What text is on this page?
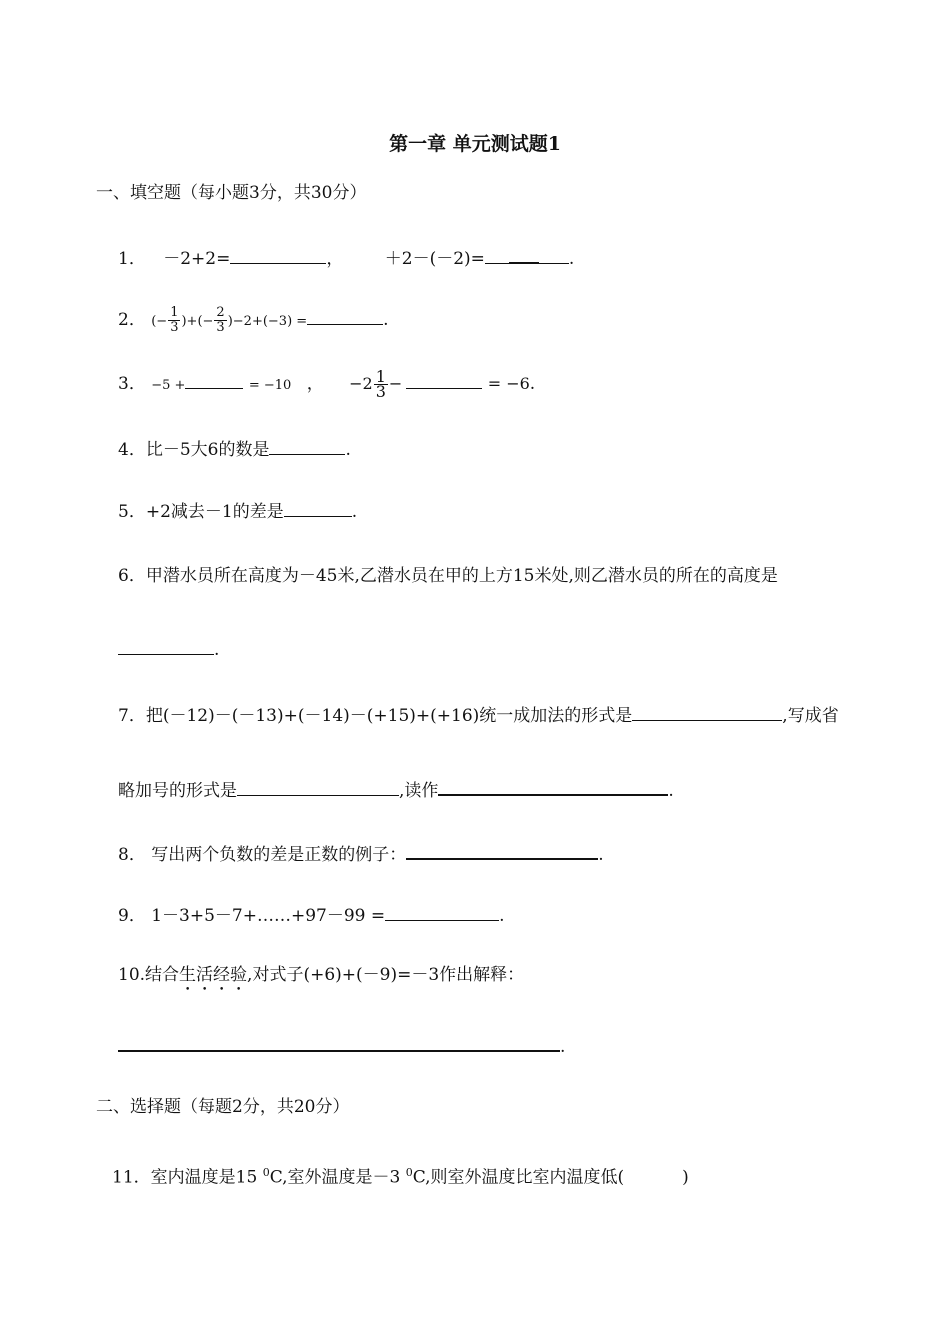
第一章 单元测试题1
一、填空题（每小题3分，共30分）
1． －2+2=	， ＋2－(－2)=	.
2． (− $\frac{1}{3}$ )+(− $\frac{2}{3} )-2+(-3)$ =	.
3． −5 +	= −10 ， $-2 \frac{1}{3}$ −	= −6.
4．比－5大6的数是	.
5．+2减去－1的差是	.
6．甲潜水员所在高度为－45米,乙潜水员在甲的上方15米处,则乙潜水员的所在的高度是
.
7．把(－12)－(－13)+(－14)－(+15)+(+16)统一成加法的形式是	,写成省
略加号的形式是	,读作	.
8． 写出两个负数的差是正数的例子：	.
9． 1－3+5－7+……+97－99 =	.
10.结合生活经验,对式子(+6)+(－9)=－3作出解释：
.
二、选择题（每题2分，共20分）
11．室内温度是15 $^0$C,室外温度是－3 $^0$C,则室外温度比室内温度低(	)
